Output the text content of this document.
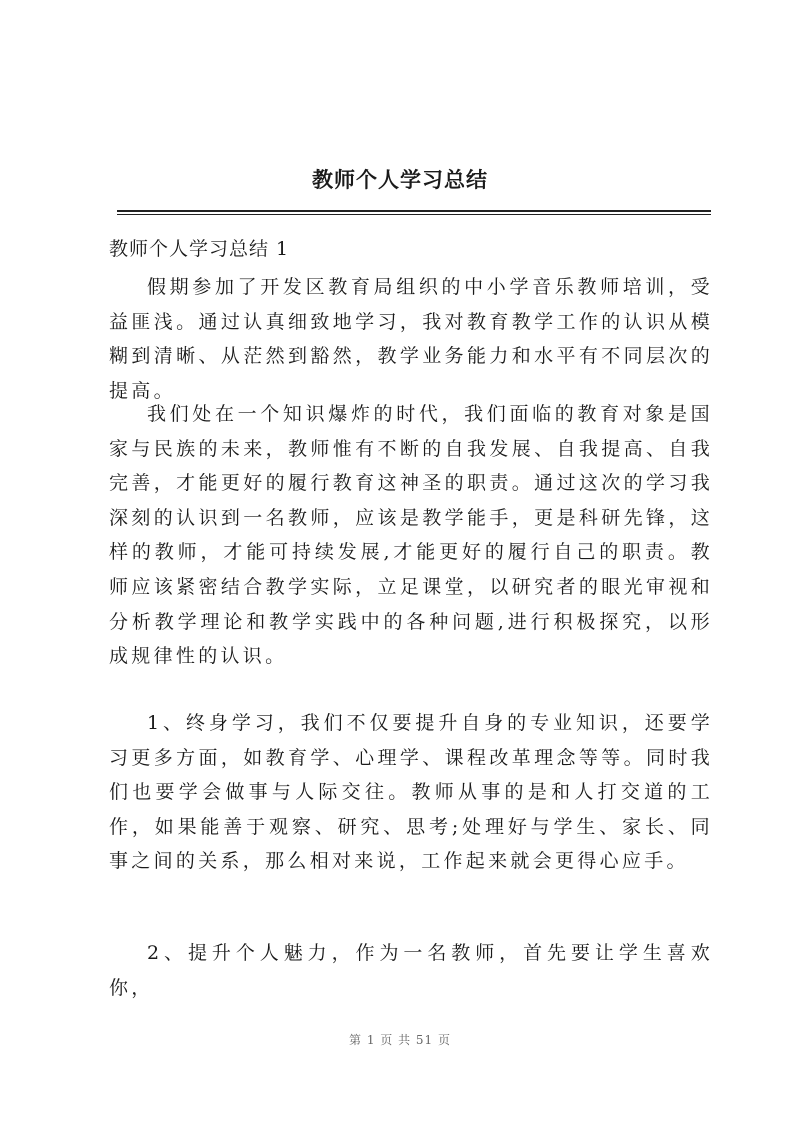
教师个人学习总结
教师个人学习总结 1

假期参加了开发区教育局组织的中小学音乐教师培训，受益匪浅。通过认真细致地学习，我对教育教学工作的认识从模糊到清晰、从茫然到豁然，教学业务能力和水平有不同层次的提高。

我们处在一个知识爆炸的时代，我们面临的教育对象是国家与民族的未来，教师惟有不断的自我发展、自我提高、自我完善，才能更好的履行教育这神圣的职责。通过这次的学习我深刻的认识到一名教师，应该是教学能手，更是科研先锋，这样的教师，才能可持续发展,才能更好的履行自己的职责。教师应该紧密结合教学实际，立足课堂，以研究者的眼光审视和分析教学理论和教学实践中的各种问题,进行积极探究，以形成规律性的认识。

1、终身学习，我们不仅要提升自身的专业知识，还要学习更多方面，如教育学、心理学、课程改革理念等等。同时我们也要学会做事与人际交往。教师从事的是和人打交道的工作，如果能善于观察、研究、思考;处理好与学生、家长、同事之间的关系，那么相对来说，工作起来就会更得心应手。

2、提升个人魅力，作为一名教师，首先要让学生喜欢你，

第 1 页 共 51 页
